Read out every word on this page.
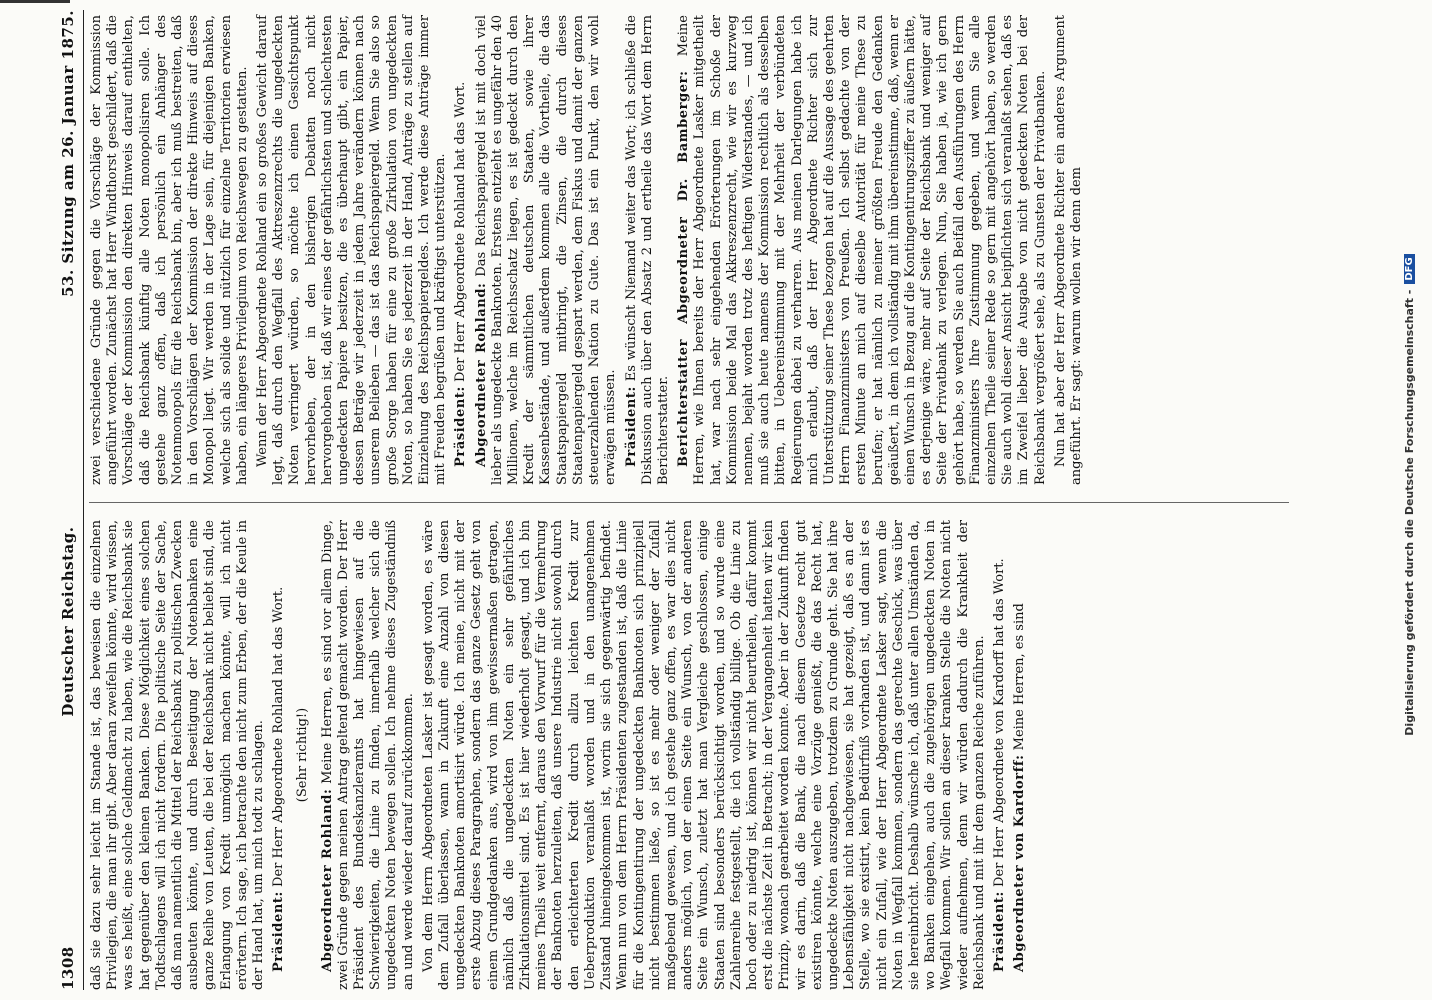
1308
Deutscher Reichstag.
53. Sitzung am 26. Januar 1875.

daß sie dazu sehr leicht im Stande ist, das beweisen die einzelnen Privilegien, die man ihr gibt. Aber daran zweifeln könnte, wird wissen, was es heißt, eine solche Geldmacht zu haben, wie die Reichsbank sie hat gegenüber den kleinen Banken. Diese Möglichkeit eines solchen Todtschlagens will ich nicht fordern. Die politische Seite der Sache, daß man namentlich die Mittel der Reichsbank zu politischen Zwecken ausbeuten könnte, und durch Beseitigung der Notenbanken eine ganze Reihe von Leuten, die bei der Reichsbank nicht beliebt sind, die Erlangung von Kredit unmöglich machen könnte, will ich nicht erörtern. Ich sage, ich betrachte den nicht zum Erben, der die Keule in der Hand hat, um mich todt zu schlagen. Präsident: Der Herr Abgeordnete Rohland hat das Wort. (Sehr richtig!)

Abgeordneter Rohland: Meine Herren, es sind vor allem Dinge, zwei Gründe gegen meinen Antrag geltend gemacht worden. Der Herr Präsident des Bundeskanzleramts hat hingewiesen auf die Schwierigkeiten, die Linie zu finden, innerhalb welcher sich die ungedeckten Noten bewegen sollen. Ich nehme dieses Zugeständniß an und werde wieder darauf zurückkommen. Von dem Herrn Abgeordneten Lasker ist gesagt worden, es wäre dem Zufall überlassen, wann in Zukunft eine Anzahl von diesen ungedeckten Banknoten amortisirt würde. Ich meine, nicht mit der erste Abzug dieses Paragraphen, sondern das ganze Gesetz geht von einem Grundgedanken aus, wird von ihm gewissermaßen getragen, nämlich daß die ungedeckten Noten ein sehr gefährliches Zirkulationsmittel sind. Es ist hier wiederholt gesagt, und ich bin meines Theils weit entfernt, daraus den Vorwurf für die Vermehrung der Banknoten herzuleiten, daß unsere Industrie nicht sowohl durch den erleichterten Kredit durch allzu leichten Kredit zur Ueberproduktion veranlaßt worden und in den unangenehmen Zustand hineingekommen ist, worin sie sich gegenwärtig befindet. Wenn nun von dem Herrn Präsidenten zugestanden ist, daß die Linie für die Kontingentirung der ungedeckten Banknoten sich prinzipiell nicht bestimmen ließe, so ist es mehr oder weniger der Zufall maßgebend gewesen, und ich gestehe ganz offen, es war dies nicht anders möglich, von der einen Seite ein Wunsch, von der anderen Seite ein Wunsch, zuletzt hat man Vergleiche geschlossen, einige Staaten sind besonders berücksichtigt worden, und so wurde eine Zahlenreihe festgestellt, die ich vollständig billige. Ob die Linie zu hoch oder zu niedrig ist, können wir nicht beurtheilen, dafür kommt erst die nächste Zeit in Betracht; in der Vergangenheit hatten wir kein Prinzip, wonach gearbeitet worden konnte. Aber in der Zukunft finden wir es darin, daß die Bank, die nach diesem Gesetze recht gut existiren könnte, welche eine Vorzüge genießt, die das Recht hat, ungedeckte Noten auszugeben, trotzdem zu Grunde geht. Sie hat ihre Lebensfähigkeit nicht nachgewiesen, sie hat gezeigt, daß es an der Stelle, wo sie existirt, kein Bedürfniß vorhanden ist, und dann ist es nicht ein Zufall, wie der Herr Abgeordnete Lasker sagt, wenn die Noten in Wegfall kommen, sondern das gerechte Geschick, was über sie hereinbricht. Deshalb wünsche ich, daß unter allen Umständen da, wo Banken eingehen, auch die zugehörigen ungedeckten Noten in Wegfall kommen. Wir sollen an dieser kranken Stelle die Noten nicht wieder aufnehmen, denn wir würden dadurch die Krankheit der Reichsbank und mit ihr dem ganzen Reiche zuführen. Präsident: Der Herr Abgeordnete von Kardorff hat das Wort. Abgeordneter von Kardorff: Meine Herren, es sind

zwei verschiedene Gründe gegen die Vorschläge der Kommission angeführt worden. Zunächst hat Herr Windthorst geschildert, daß die Vorschläge der Kommission den direkten Hinweis darauf enthielten, daß die Reichsbank künftig alle Noten monopolisiren solle. Ich gestehe ganz offen, daß ich persönlich ein Anhänger des Notenmonopols für die Reichsbank bin, aber ich muß bestreiten, daß in den Vorschlägen der Kommission der direkte Hinweis auf dieses Monopol liegt. Wir werden in der Lage sein, für diejenigen Banken, welche sich als solide und nützlich für einzelne Territorien erwiesen haben, ein längeres Privilegium von Reichswegen zu gestatten. Wenn der Herr Abgeordnete Rohland ein so großes Gewicht darauf legt, daß durch den Wegfall des Aktreszenzrechts die ungedeckten Noten verringert würden, so möchte ich einen Gesichtspunkt hervorheben, der in den bisherigen Debatten noch nicht hervorgehoben ist, daß wir eines der gefährlichsten und schlechtesten ungedeckten Papiere besitzen, die es überhaupt gibt, ein Papier, dessen Beträge wir jederzeit in jedem Jahre verändern können nach unserem Belieben — das ist das Reichspapiergeld. Wenn Sie also so große Sorge haben für eine zu große Zirkulation von ungedeckten Noten, so haben Sie es jederzeit in der Hand, Anträge zu stellen auf Einziehung des Reichspapiergeldes. Ich werde diese Anträge immer mit Freuden begrüßen und kräftigst unterstützen. Präsident: Der Herr Abgeordnete Rohland hat das Wort. Abgeordneter Rohland: Das Reichspapiergeld ist mit doch viel lieber als ungedeckte Banknoten. Erstens entzieht es ungefähr den 40 Millionen, welche im Reichsschatz liegen, es ist gedeckt durch den Kredit der sämmtlichen deutschen Staaten, sowie ihrer Kassenbestände, und außerdem kommen alle die Vortheile, die das Staatspapiergeld mitbringt, die Zinsen, die durch dieses Staatenpapiergeld gespart werden, dem Fiskus und damit der ganzen steuerzahlenden Nation zu Gute. Das ist ein Punkt, den wir wohl erwägen müssen. Präsident: Es wünscht Niemand weiter das Wort; ich schließe die Diskussion auch über den Absatz 2 und ertheile das Wort dem Herrn Berichterstatter. Berichterstatter Abgeordneter Dr. Bamberger: Meine Herren, wie Ihnen bereits der Herr Abgeordnete Lasker mitgetheilt hat, war nach sehr eingehenden Erörterungen im Schoße der Kommission beide Mal das Akkreszenzrecht, wie wir es kurzweg nennen, bejaht worden trotz des heftigen Widerstandes, — und ich muß sie auch heute namens der Kommission rechtlich als desselben bitten, in Uebereinstimmung mit der Mehrheit der verbündeten Regierungen dabei zu verharren. Aus meinen Darlegungen habe ich mich erlaubt, daß der Herr Abgeordnete Richter sich zur Unterstützung seiner These bezogen hat auf die Aussage des geehrten Herrn Finanzministers von Preußen. Ich selbst gedachte von der ersten Minute an mich auf dieselbe Autorität für meine These zu berufen; er hat nämlich zu meiner größten Freude den Gedanken geäußert, in dem ich vollständig mit ihm übereinstimme, daß, wenn er einen Wunsch in Bezug auf die Kontingentirungsziffer zu äußern hätte, es derjenige wäre, mehr auf Seite der Reichsbank und weniger auf Seite der Privatbank zu verlegen. Nun, Sie haben ja, wie ich gern gehört habe, so werden Sie auch Beifall den Ausführungen des Herrn Finanzministers Ihre Zustimmung gegeben, und wenn Sie alle einzelnen Theile seiner Rede so gern mit angehört haben, so werden Sie auch wohl dieser Ansicht beipflichten sich veranlaßt sehen, daß es im Zweifel lieber die Ausgabe von nicht gedeckten Noten bei der Reichsbank vergrößert sehe, als zu Gunsten der Privatbanken. Nun hat aber der Herr Abgeordnete Richter ein anderes Argument angeführt. Er sagt: warum wollen wir denn dem	Digitalisierung gefördert durch die Deutsche Forschungsgemeinschaft -
DFG
